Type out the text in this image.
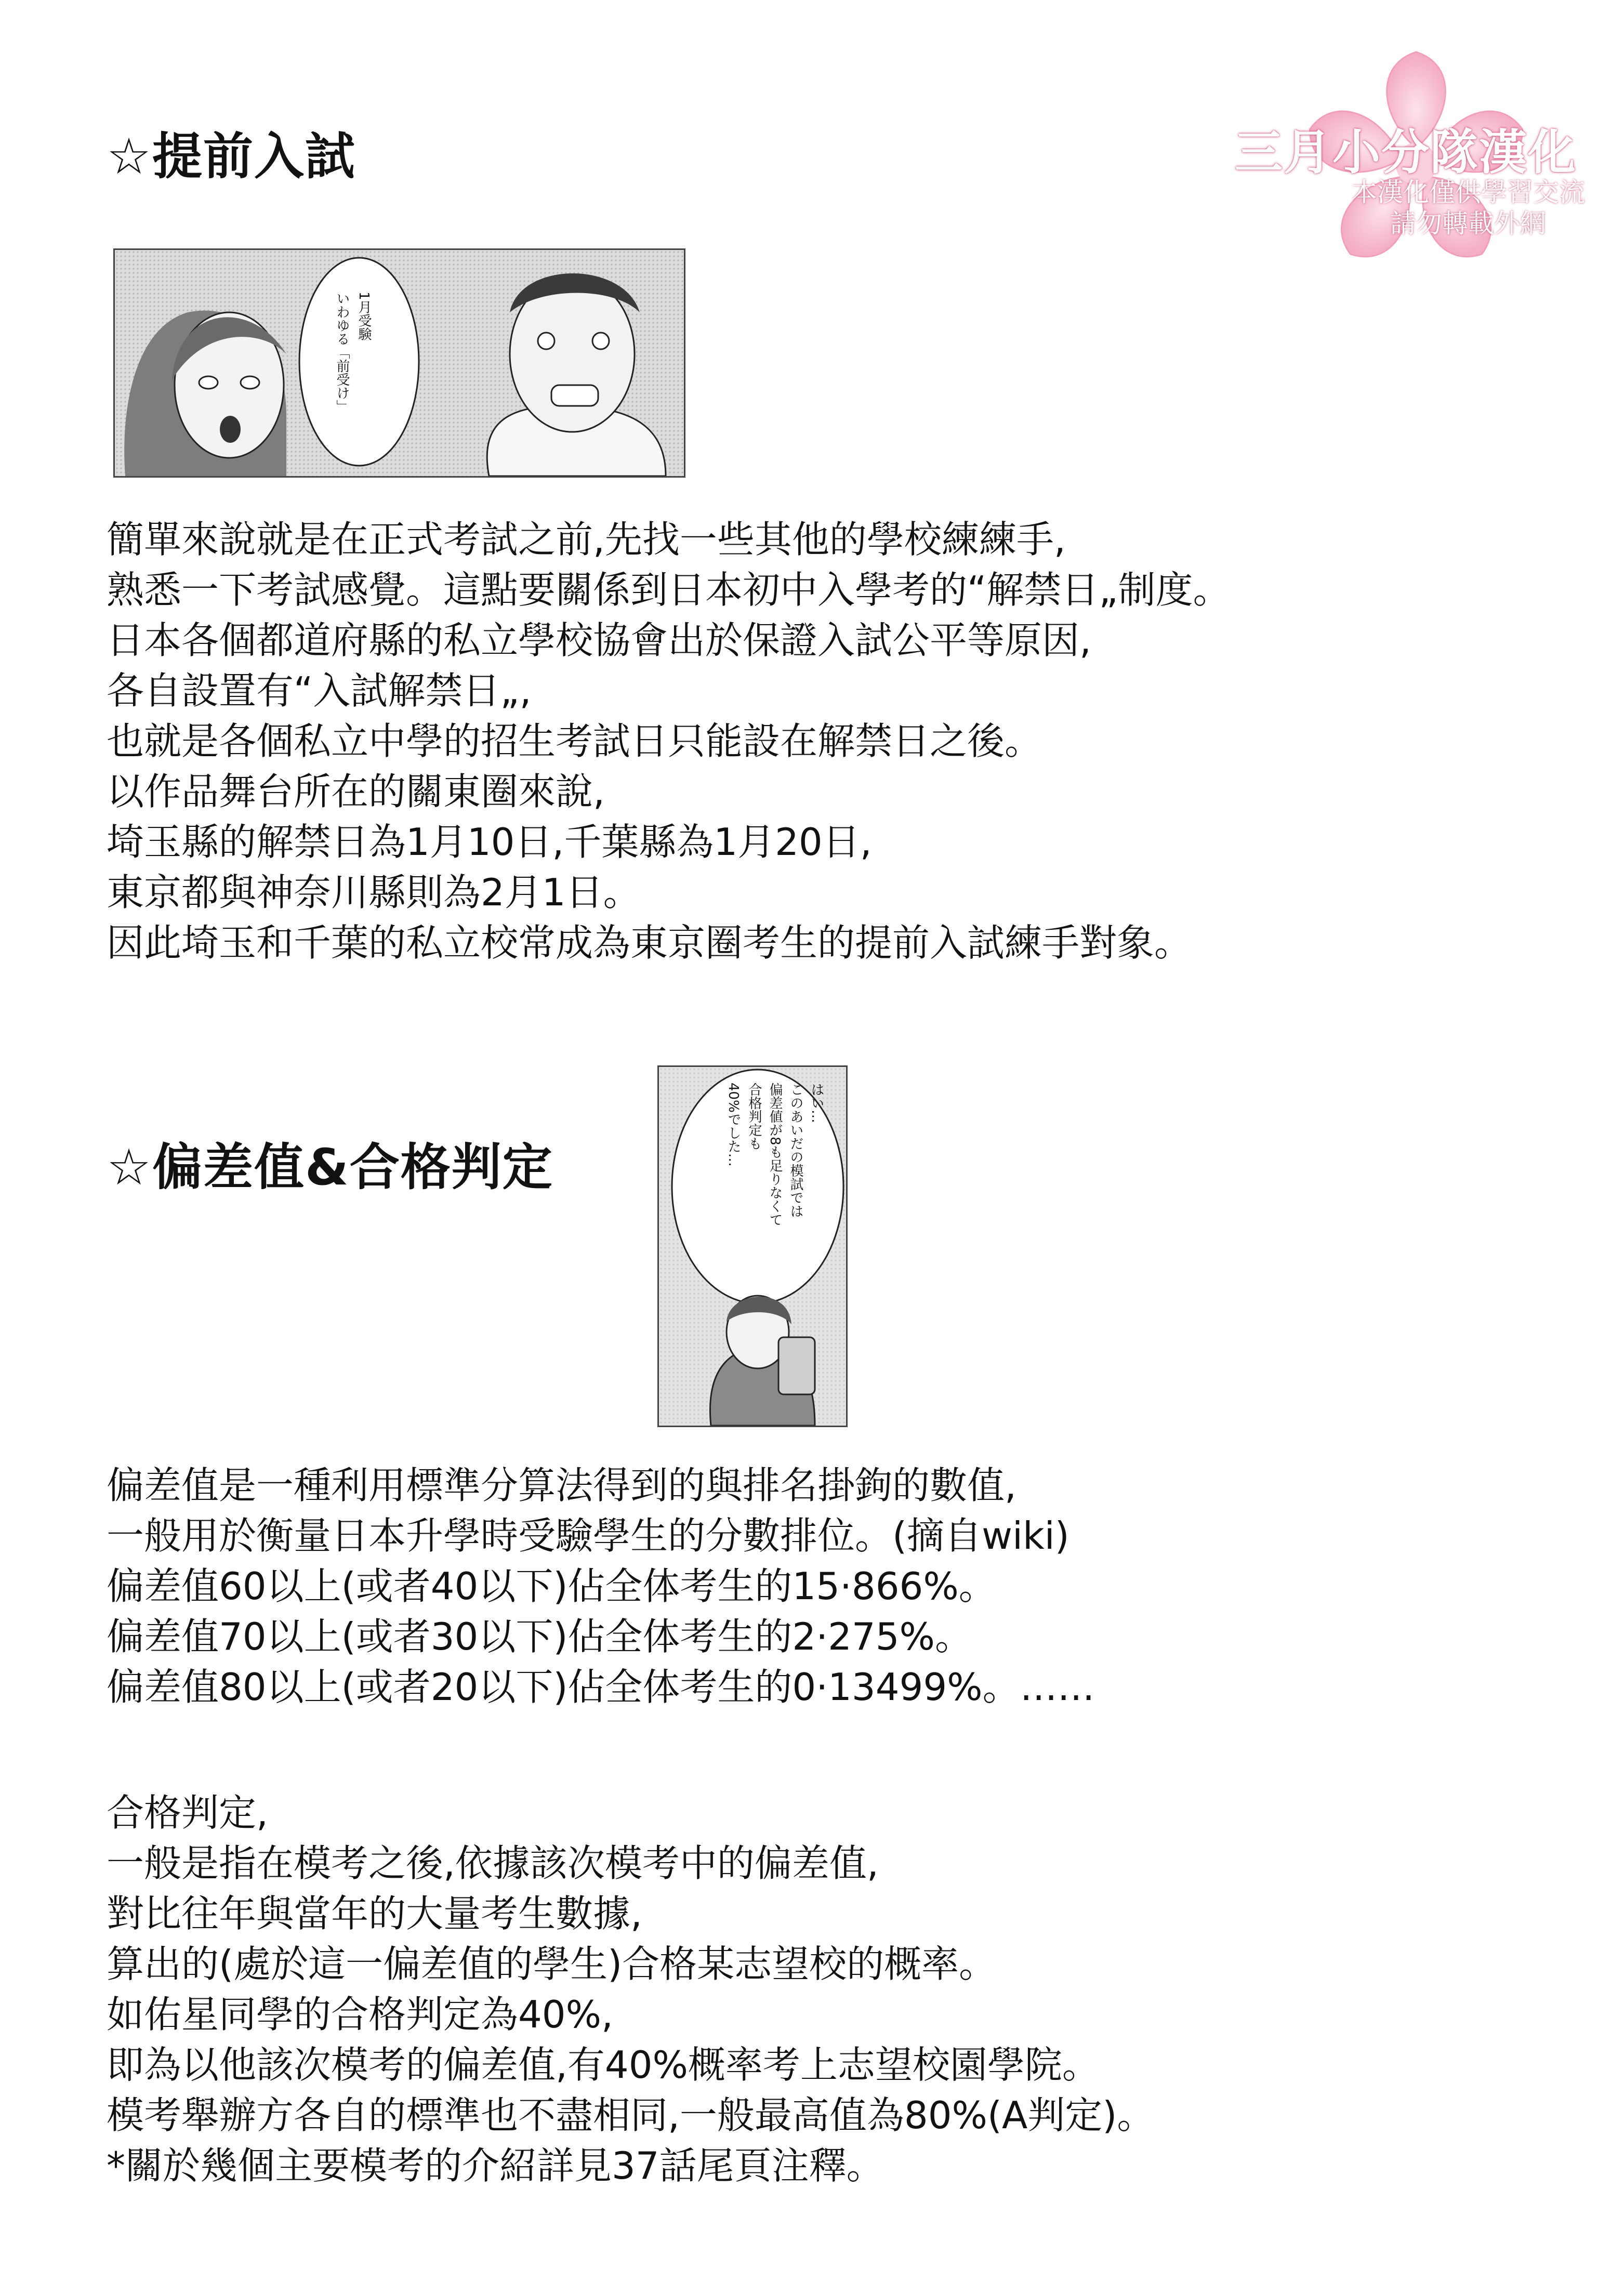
三月小分隊漢化
本漢化僅供學習交流
請勿轉載外網
☆提前入試
1月受験
いわゆる「前受け」
簡單來說就是在正式考試之前,先找一些其他的學校練練手,
熟悉一下考試感覺。這點要關係到日本初中入學考的“解禁日„制度。
日本各個都道府縣的私立學校協會出於保證入試公平等原因,
各自設置有“入試解禁日„,
也就是各個私立中學的招生考試日只能設在解禁日之後。
以作品舞台所在的關東圈來說,
埼玉縣的解禁日為1月10日,千葉縣為1月20日,
東京都與神奈川縣則為2月1日。
因此埼玉和千葉的私立校常成為東京圈考生的提前入試練手對象。
☆偏差值&合格判定
はい…
このあいだの模試では
偏差値が8も足りなくて
合格判定も
40%でした…
偏差值是一種利用標準分算法得到的與排名掛鉤的數值,
一般用於衡量日本升學時受驗學生的分數排位。(摘自wiki)
偏差值60以上(或者40以下)佔全体考生的15·866%。
偏差值70以上(或者30以下)佔全体考生的2·275%。
偏差值80以上(或者20以下)佔全体考生的0·13499%。……
合格判定,
一般是指在模考之後,依據該次模考中的偏差值,
對比往年與當年的大量考生數據,
算出的(處於這一偏差值的學生)合格某志望校的概率。
如佑星同學的合格判定為40%,
即為以他該次模考的偏差值,有40%概率考上志望校園學院。
模考舉辦方各自的標準也不盡相同,一般最高值為80%(A判定)。
*關於幾個主要模考的介紹詳見37話尾頁注釋。
